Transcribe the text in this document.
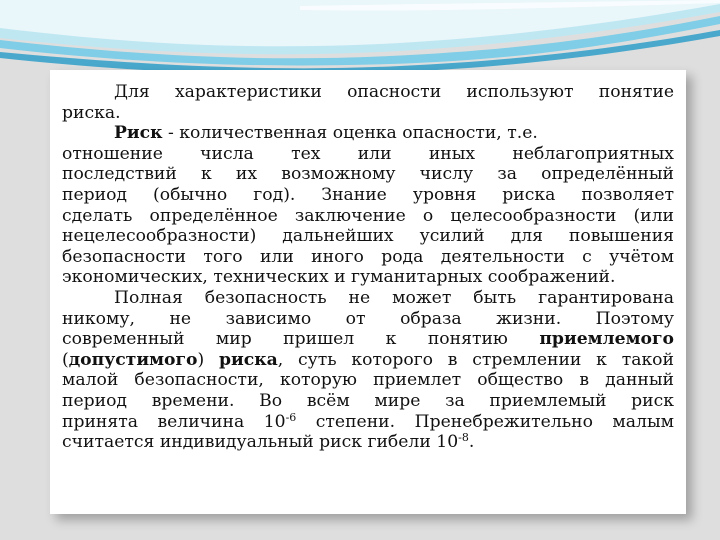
Для характеристики опасности используют понятие
риска.
Риск - количественная оценка опасности, т.е.
отношение числа тех или иных неблагоприятных
последствий к их возможному числу за определённый
период (обычно год). Знание уровня риска позволяет
сделать определённое заключение о целесообразности (или
нецелесообразности) дальнейших усилий для повышения
безопасности того или иного рода деятельности с учётом
экономических, технических и гуманитарных соображений.
Полная безопасность не может быть гарантирована
никому, не зависимо от образа жизни. Поэтому
современный мир пришел к понятию приемлемого
(допустимого) риска, суть которого в стремлении к такой
малой безопасности, которую приемлет общество в данный
период времени. Во всём мире за приемлемый риск
принята величина $10^{-6}$ степени. Пренебрежительно малым
считается индивидуальный риск гибели $10^{-8}$.
